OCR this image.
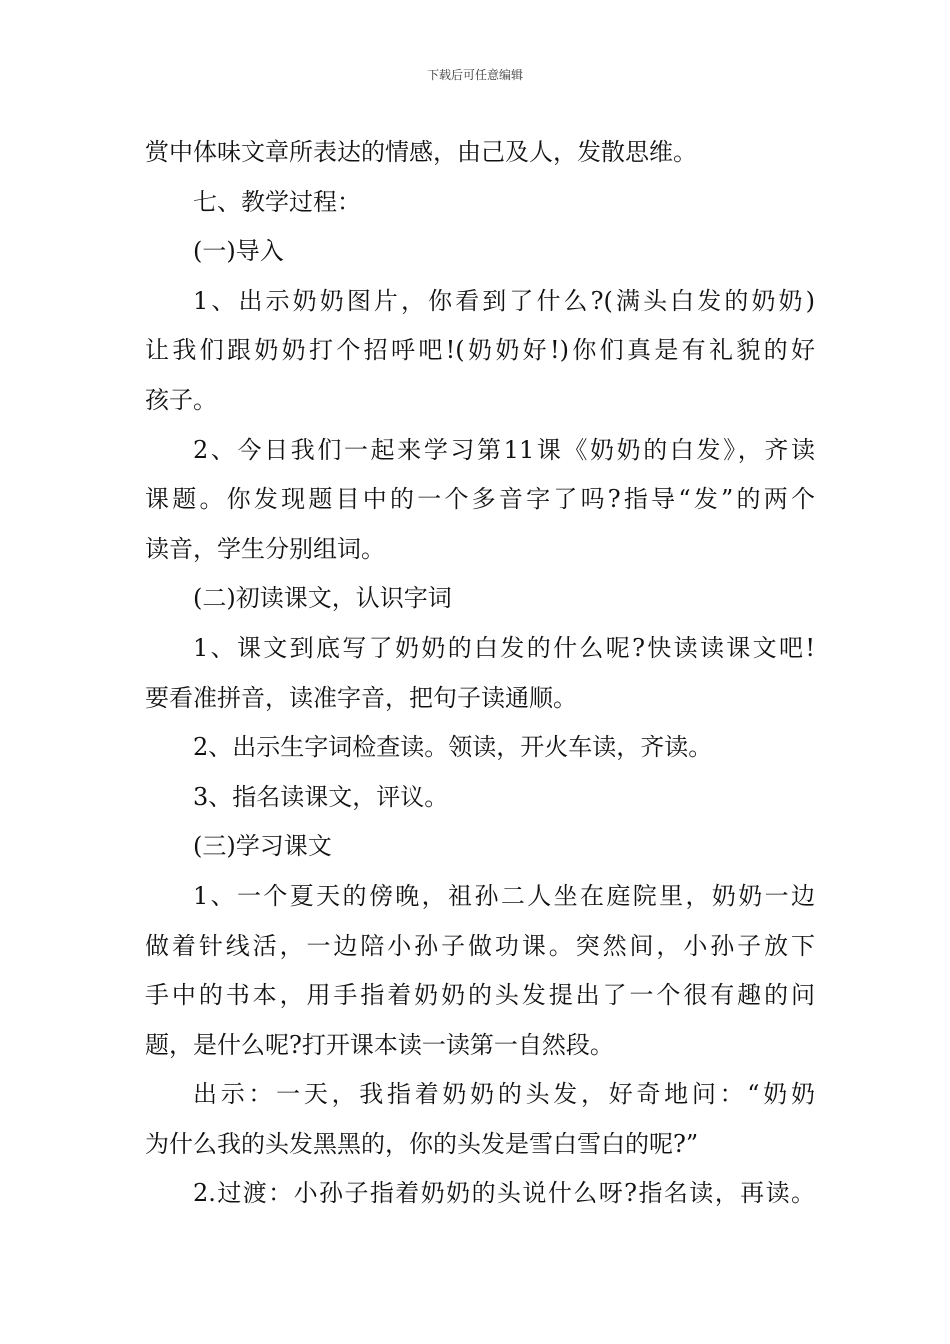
下载后可任意编辑
赏中体味文章所表达的情感，由己及人，发散思维。
七、教学过程：
(一)导入
1、出示奶奶图片，你看到了什么?(满头白发的奶奶)
让我们跟奶奶打个招呼吧!(奶奶好!)你们真是有礼貌的好
孩子。
2、今日我们一起来学习第11课《奶奶的白发》，齐读
课题。你发现题目中的一个多音字了吗?指导“发”的两个
读音，学生分别组词。
(二)初读课文，认识字词
1、课文到底写了奶奶的白发的什么呢?快读读课文吧!
要看准拼音，读准字音，把句子读通顺。
2、出示生字词检查读。领读，开火车读，齐读。
3、指名读课文，评议。
(三)学习课文
1、一个夏天的傍晚，祖孙二人坐在庭院里，奶奶一边
做着针线活，一边陪小孙子做功课。突然间，小孙子放下
手中的书本，用手指着奶奶的头发提出了一个很有趣的问
题，是什么呢?打开课本读一读第一自然段。
出示：一天，我指着奶奶的头发，好奇地问：“奶奶
为什么我的头发黑黑的，你的头发是雪白雪白的呢?”
2.过渡：小孙子指着奶奶的头说什么呀?指名读，再读。
